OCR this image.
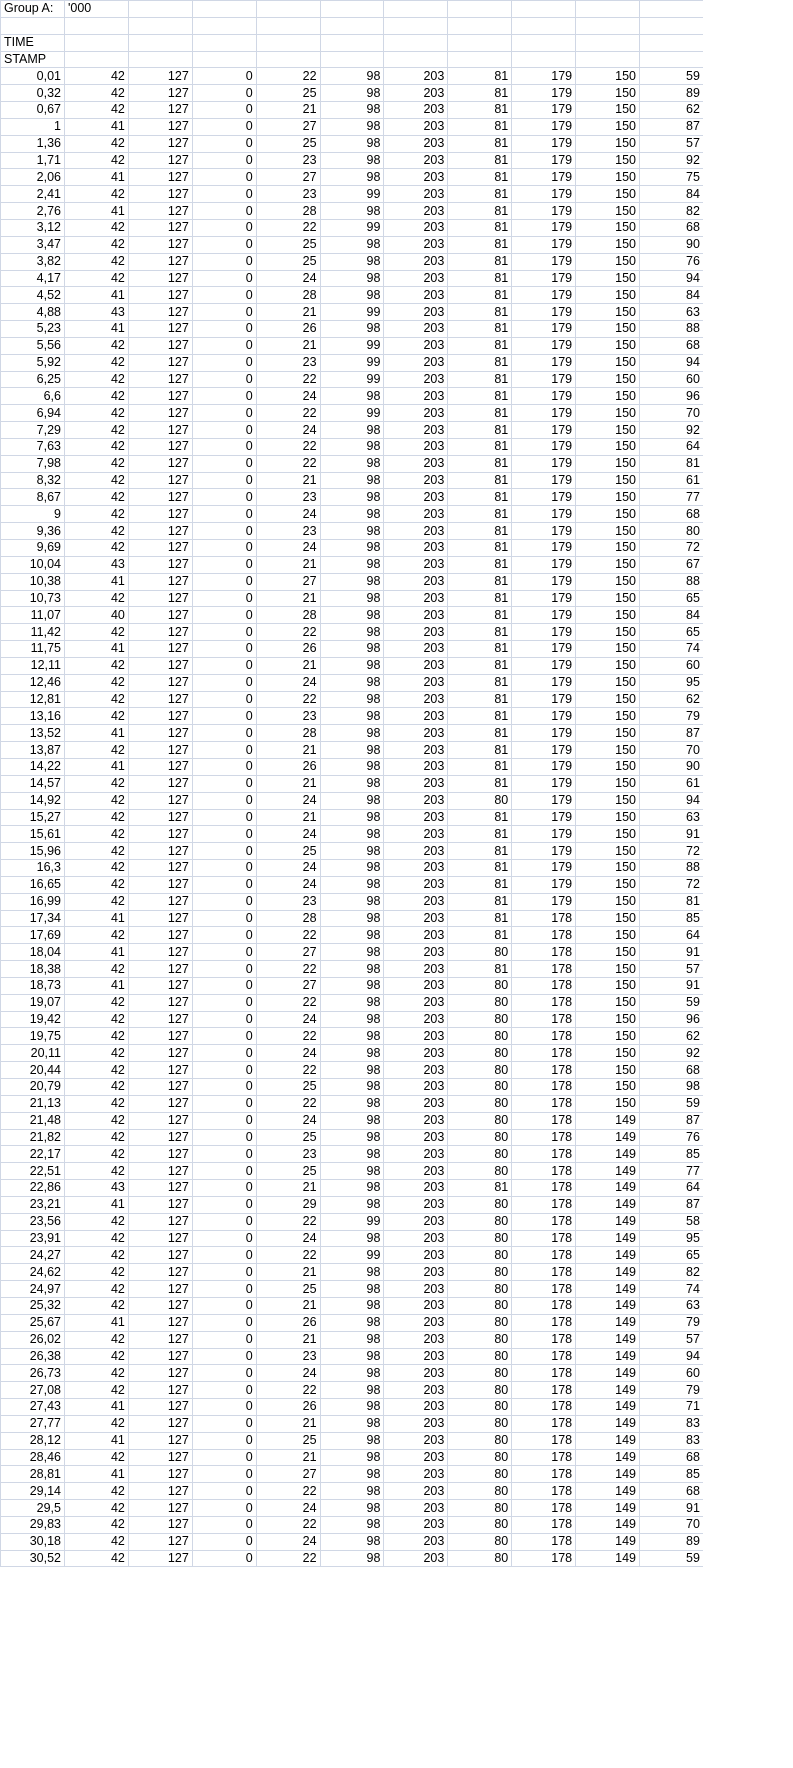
Group A:	'000									

TIME										
STAMP										
0,01	42	127	0	22	98	203	81	179	150	59
0,32	42	127	0	25	98	203	81	179	150	89
0,67	42	127	0	21	98	203	81	179	150	62
1	41	127	0	27	98	203	81	179	150	87
1,36	42	127	0	25	98	203	81	179	150	57
1,71	42	127	0	23	98	203	81	179	150	92
2,06	41	127	0	27	98	203	81	179	150	75
2,41	42	127	0	23	99	203	81	179	150	84
2,76	41	127	0	28	98	203	81	179	150	82
3,12	42	127	0	22	99	203	81	179	150	68
3,47	42	127	0	25	98	203	81	179	150	90
3,82	42	127	0	25	98	203	81	179	150	76
4,17	42	127	0	24	98	203	81	179	150	94
4,52	41	127	0	28	98	203	81	179	150	84
4,88	43	127	0	21	99	203	81	179	150	63
5,23	41	127	0	26	98	203	81	179	150	88
5,56	42	127	0	21	99	203	81	179	150	68
5,92	42	127	0	23	99	203	81	179	150	94
6,25	42	127	0	22	99	203	81	179	150	60
6,6	42	127	0	24	98	203	81	179	150	96
6,94	42	127	0	22	99	203	81	179	150	70
7,29	42	127	0	24	98	203	81	179	150	92
7,63	42	127	0	22	98	203	81	179	150	64
7,98	42	127	0	22	98	203	81	179	150	81
8,32	42	127	0	21	98	203	81	179	150	61
8,67	42	127	0	23	98	203	81	179	150	77
9	42	127	0	24	98	203	81	179	150	68
9,36	42	127	0	23	98	203	81	179	150	80
9,69	42	127	0	24	98	203	81	179	150	72
10,04	43	127	0	21	98	203	81	179	150	67
10,38	41	127	0	27	98	203	81	179	150	88
10,73	42	127	0	21	98	203	81	179	150	65
11,07	40	127	0	28	98	203	81	179	150	84
11,42	42	127	0	22	98	203	81	179	150	65
11,75	41	127	0	26	98	203	81	179	150	74
12,11	42	127	0	21	98	203	81	179	150	60
12,46	42	127	0	24	98	203	81	179	150	95
12,81	42	127	0	22	98	203	81	179	150	62
13,16	42	127	0	23	98	203	81	179	150	79
13,52	41	127	0	28	98	203	81	179	150	87
13,87	42	127	0	21	98	203	81	179	150	70
14,22	41	127	0	26	98	203	81	179	150	90
14,57	42	127	0	21	98	203	81	179	150	61
14,92	42	127	0	24	98	203	80	179	150	94
15,27	42	127	0	21	98	203	81	179	150	63
15,61	42	127	0	24	98	203	81	179	150	91
15,96	42	127	0	25	98	203	81	179	150	72
16,3	42	127	0	24	98	203	81	179	150	88
16,65	42	127	0	24	98	203	81	179	150	72
16,99	42	127	0	23	98	203	81	179	150	81
17,34	41	127	0	28	98	203	81	178	150	85
17,69	42	127	0	22	98	203	81	178	150	64
18,04	41	127	0	27	98	203	80	178	150	91
18,38	42	127	0	22	98	203	81	178	150	57
18,73	41	127	0	27	98	203	80	178	150	91
19,07	42	127	0	22	98	203	80	178	150	59
19,42	42	127	0	24	98	203	80	178	150	96
19,75	42	127	0	22	98	203	80	178	150	62
20,11	42	127	0	24	98	203	80	178	150	92
20,44	42	127	0	22	98	203	80	178	150	68
20,79	42	127	0	25	98	203	80	178	150	98
21,13	42	127	0	22	98	203	80	178	150	59
21,48	42	127	0	24	98	203	80	178	149	87
21,82	42	127	0	25	98	203	80	178	149	76
22,17	42	127	0	23	98	203	80	178	149	85
22,51	42	127	0	25	98	203	80	178	149	77
22,86	43	127	0	21	98	203	81	178	149	64
23,21	41	127	0	29	98	203	80	178	149	87
23,56	42	127	0	22	99	203	80	178	149	58
23,91	42	127	0	24	98	203	80	178	149	95
24,27	42	127	0	22	99	203	80	178	149	65
24,62	42	127	0	21	98	203	80	178	149	82
24,97	42	127	0	25	98	203	80	178	149	74
25,32	42	127	0	21	98	203	80	178	149	63
25,67	41	127	0	26	98	203	80	178	149	79
26,02	42	127	0	21	98	203	80	178	149	57
26,38	42	127	0	23	98	203	80	178	149	94
26,73	42	127	0	24	98	203	80	178	149	60
27,08	42	127	0	22	98	203	80	178	149	79
27,43	41	127	0	26	98	203	80	178	149	71
27,77	42	127	0	21	98	203	80	178	149	83
28,12	41	127	0	25	98	203	80	178	149	83
28,46	42	127	0	21	98	203	80	178	149	68
28,81	41	127	0	27	98	203	80	178	149	85
29,14	42	127	0	22	98	203	80	178	149	68
29,5	42	127	0	24	98	203	80	178	149	91
29,83	42	127	0	22	98	203	80	178	149	70
30,18	42	127	0	24	98	203	80	178	149	89
30,52	42	127	0	22	98	203	80	178	149	59
